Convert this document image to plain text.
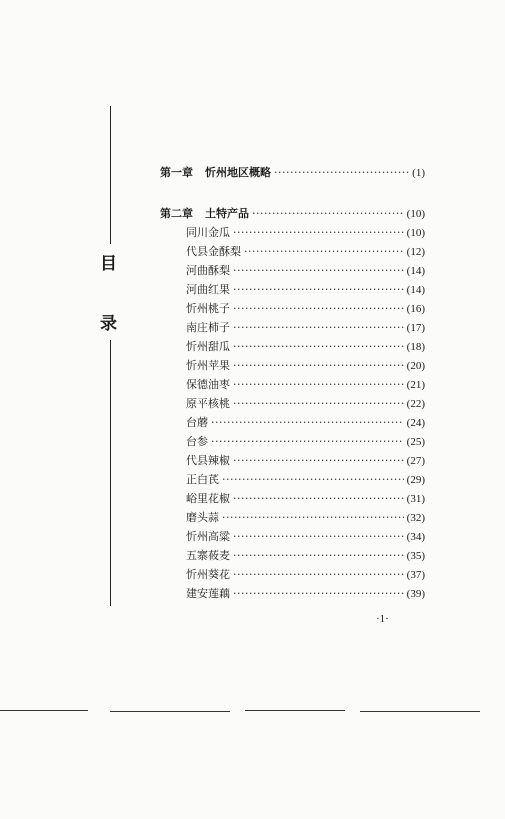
目
录
第一章 忻州地区概略 ·····	(1)
第二章 土特产品 ·····	(10)
同川金瓜 ·····	(10)
代县金酥梨 ·····	(12)
河曲酥梨 ·····	(14)
河曲红果 ·····	(14)
忻州桃子 ·····	(16)
南庄柿子 ·····	(17)
忻州甜瓜 ·····	(18)
忻州苹果 ·····	(20)
保德油枣 ·····	(21)
原平核桃 ·····	(22)
台蘑 ·····	(24)
台参 ·····	(25)
代县辣椒 ·····	(27)
正白芪 ·····	(29)
峪里花椒 ·····	(31)
磨头蒜 ·····	(32)
忻州高粱 ·····	(34)
五寨莜麦 ·····	(35)
忻州葵花 ·····	(37)
建安莲藕 ·····	(39)
·1·
